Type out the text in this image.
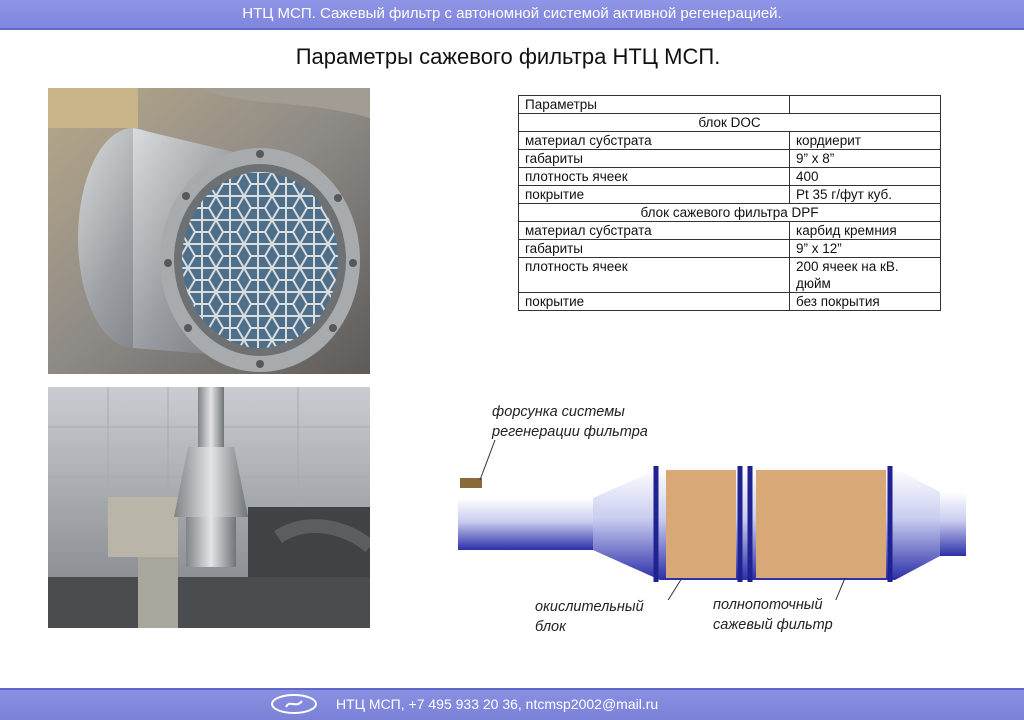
НТЦ МСП. Сажевый фильтр с автономной системой активной регенерацией.
Параметры сажевого фильтра НТЦ МСП.
Параметры	
блок DOC	
материал субстрата	кордиерит
габариты	9” x 8”
плотность ячеек	400
покрытие	Pt 35 г/фут куб.
блок сажевого фильтра DPF	
материал субстрата	карбид кремния
габариты	9” x 12”
плотность ячеек	200 ячеек на кВ. дюйм
покрытие	без покрытия
форсунка системы регенерации фильтра
окислительный блок
полнопоточный сажевый фильтр
НТЦ МСП, +7 495 933 20 36, ntcmsp2002@mail.ru
